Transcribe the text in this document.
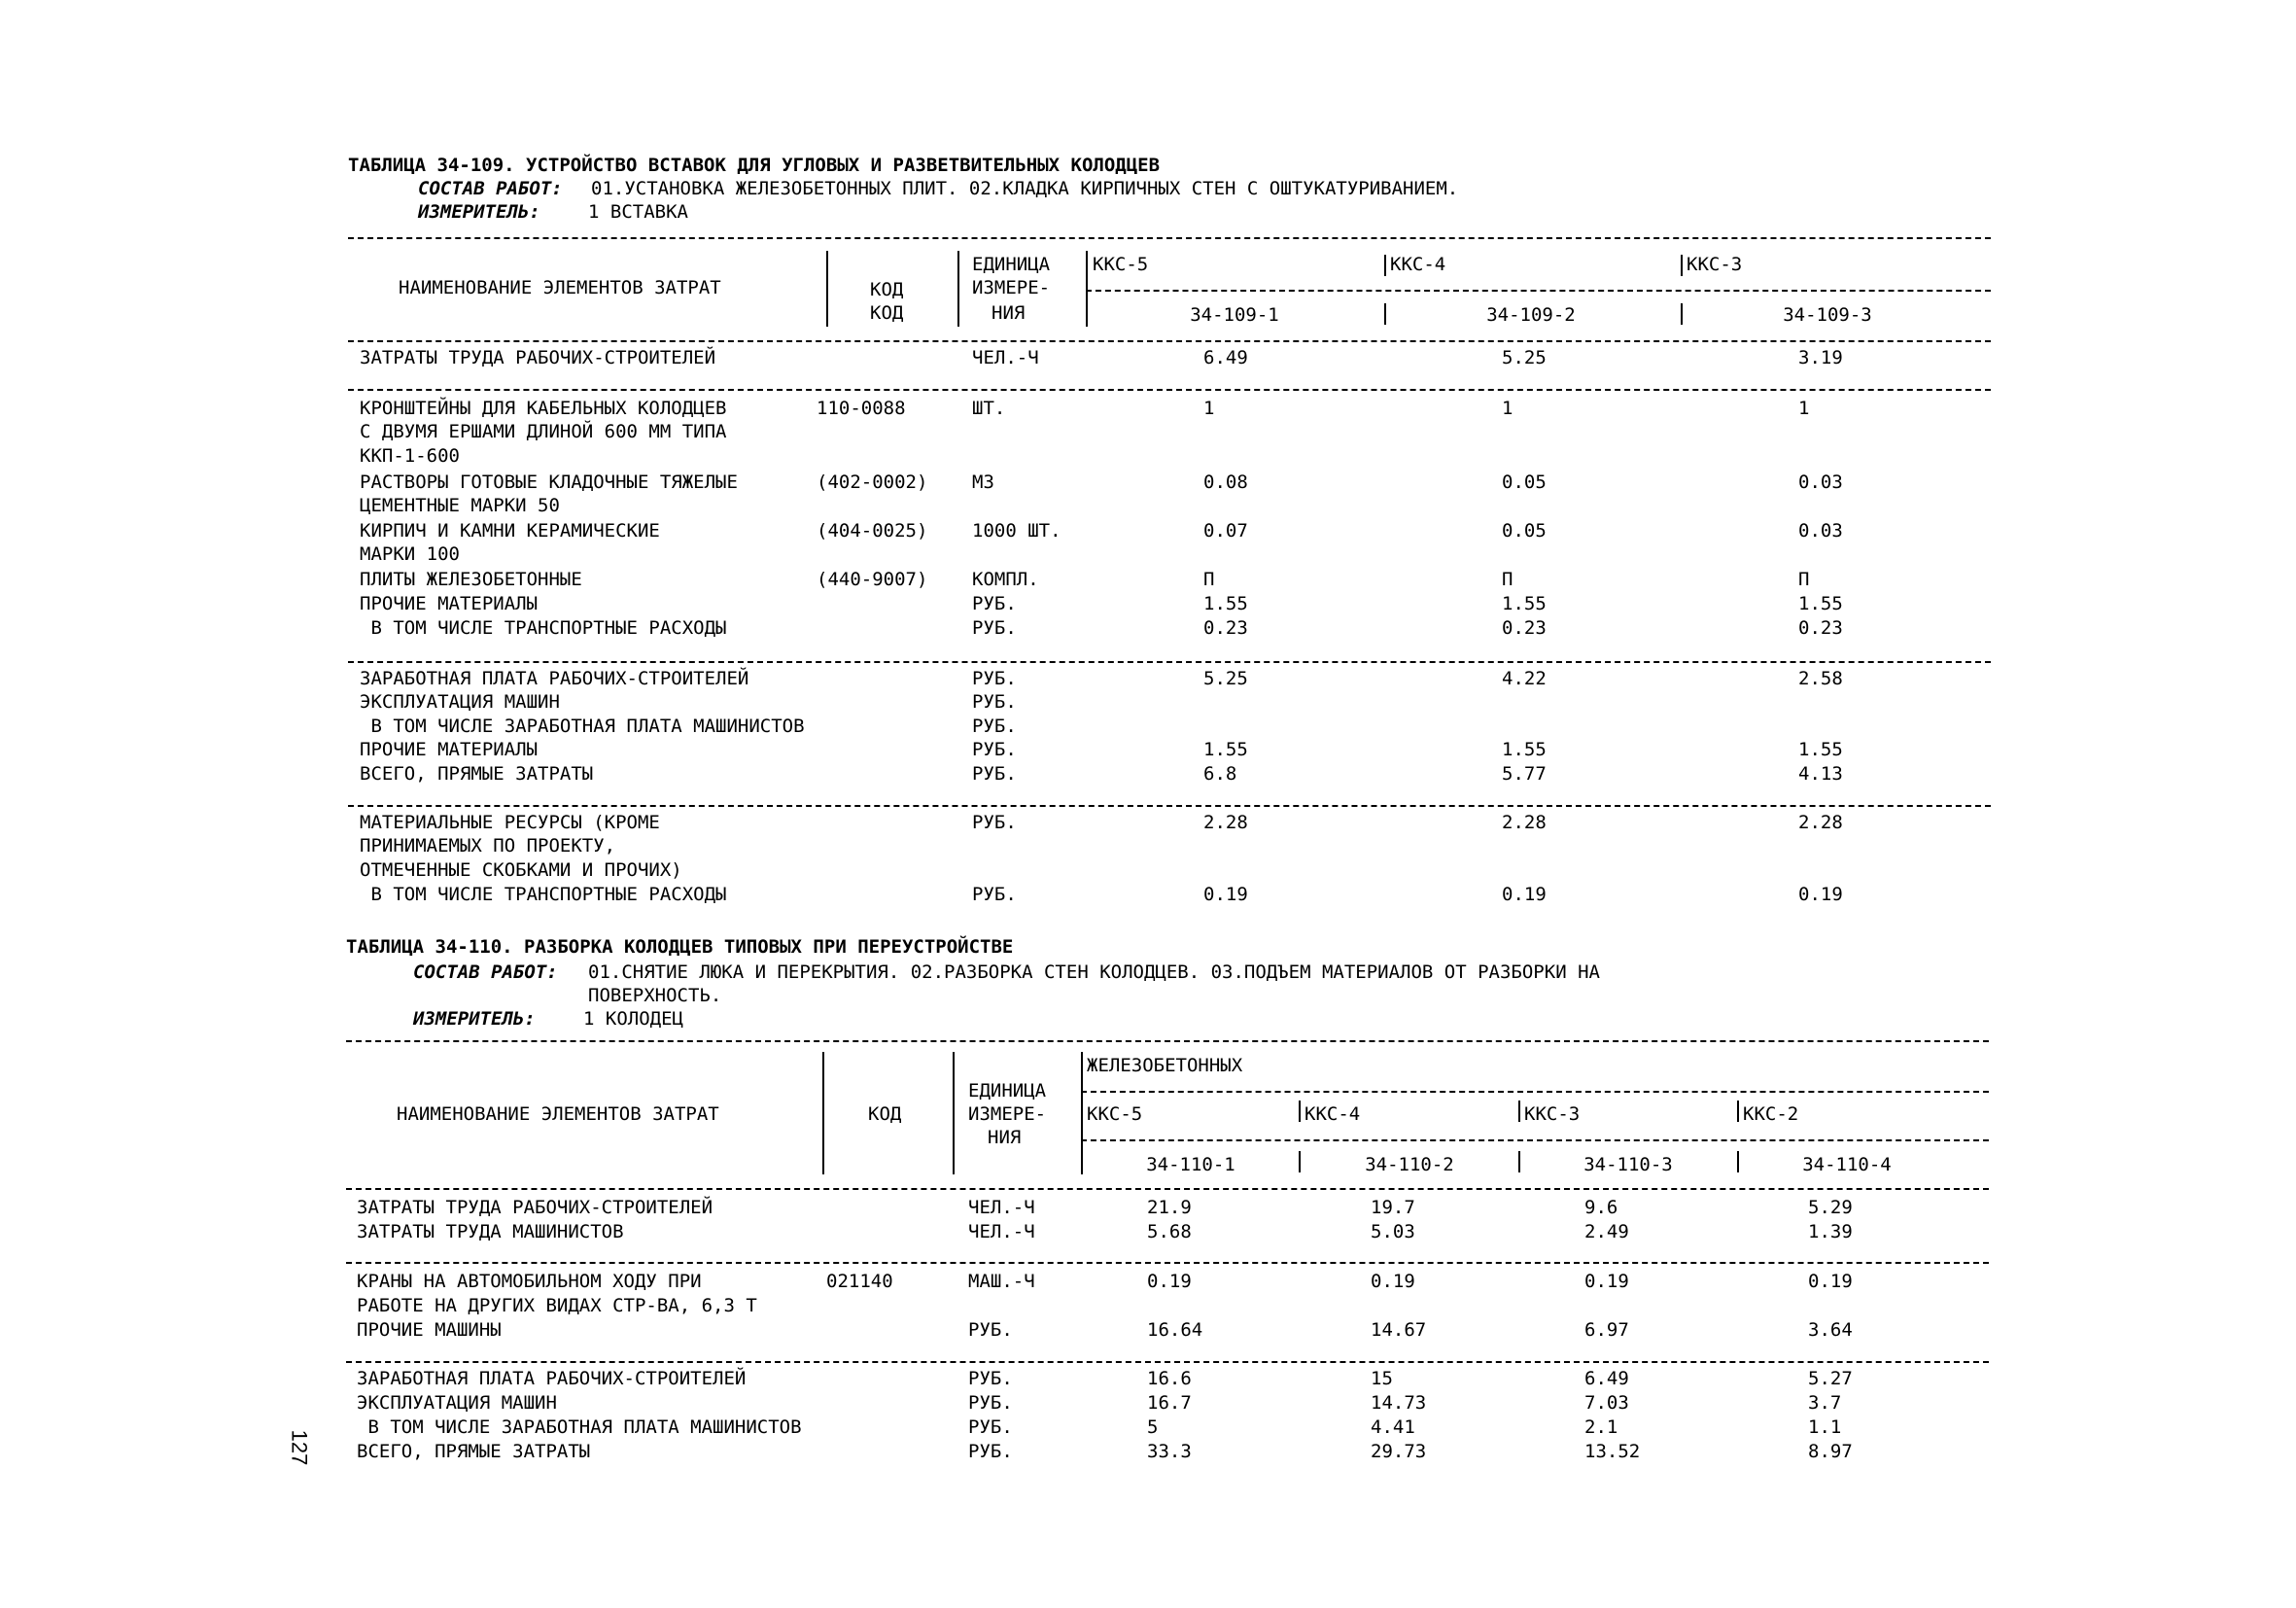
ТАБЛИЦА 34-109. УСТРОЙСТВО ВСТАВОК ДЛЯ УГЛОВЫХ И РАЗВЕТВИТЕЛЬНЫХ КОЛОДЦЕВ
СОСТАВ РАБОТ: 01.УСТАНОВКА ЖЕЛЕЗОБЕТОННЫХ ПЛИТ. 02.КЛАДКА КИРПИЧНЫХ СТЕН С ОШТУКАТУРИВАНИЕМ.
ИЗМЕРИТЕЛЬ:	1 ВСТАВКА
НАИМЕНОВАНИЕ ЭЛЕМЕНТОВ ЗАТРАТ	КОД
КОД
ЕДИНИЦА
ИЗМЕРЕ-
НИЯ
ККС-5	ККС-4	ККС-3
34-109-1	34-109-2	34-109-3
ЗАТРАТЫ ТРУДА РАБОЧИХ-СТРОИТЕЛЕЙ	ЧЕЛ.-Ч	6.49	5.25	3.19
КРОНШТЕЙНЫ ДЛЯ КАБЕЛЬНЫХ КОЛОДЦЕВ	110-0088	ШТ.	1	1	1
С ДВУМЯ ЕРШАМИ ДЛИНОЙ 600 ММ ТИПА
ККП-1-600
РАСТВОРЫ ГОТОВЫЕ КЛАДОЧНЫЕ ТЯЖЕЛЫЕ	(402-0002)	М3	0.08	0.05	0.03
ЦЕМЕНТНЫЕ МАРКИ 50
КИРПИЧ И КАМНИ КЕРАМИЧЕСКИЕ	(404-0025)	1000 ШТ.	0.07	0.05	0.03
МАРКИ 100
ПЛИТЫ ЖЕЛЕЗОБЕТОННЫЕ	(440-9007)	КОМПЛ.	П	П	П
ПРОЧИЕ МАТЕРИАЛЫ	РУБ.	1.55	1.55	1.55
В ТОМ ЧИСЛЕ ТРАНСПОРТНЫЕ РАСХОДЫ	РУБ.	0.23	0.23	0.23
ЗАРАБОТНАЯ ПЛАТА РАБОЧИХ-СТРОИТЕЛЕЙ	РУБ.	5.25	4.22	2.58
ЭКСПЛУАТАЦИЯ МАШИН	РУБ.
В ТОМ ЧИСЛЕ ЗАРАБОТНАЯ ПЛАТА МАШИНИСТОВ	РУБ.
ПРОЧИЕ МАТЕРИАЛЫ	РУБ.	1.55	1.55	1.55
ВСЕГО, ПРЯМЫЕ ЗАТРАТЫ	РУБ.	6.8	5.77	4.13
МАТЕРИАЛЬНЫЕ РЕСУРСЫ (КРОМЕ	РУБ.	2.28	2.28	2.28
ПРИНИМАЕМЫХ ПО ПРОЕКТУ,
ОТМЕЧЕННЫЕ СКОБКАМИ И ПРОЧИХ)
В ТОМ ЧИСЛЕ ТРАНСПОРТНЫЕ РАСХОДЫ	РУБ.	0.19	0.19	0.19
ТАБЛИЦА 34-110. РАЗБОРКА КОЛОДЦЕВ ТИПОВЫХ ПРИ ПЕРЕУСТРОЙСТВЕ
СОСТАВ РАБОТ: 01.СНЯТИЕ ЛЮКА И ПЕРЕКРЫТИЯ. 02.РАЗБОРКА СТЕН КОЛОДЦЕВ. 03.ПОДЪЕМ МАТЕРИАЛОВ ОТ РАЗБОРКИ НА
ПОВЕРХНОСТЬ.
ИЗМЕРИТЕЛЬ:	1 КОЛОДЕЦ
НАИМЕНОВАНИЕ ЭЛЕМЕНТОВ ЗАТРАТ	КОД
ЕДИНИЦА
ИЗМЕРЕ-
НИЯ
ЖЕЛЕЗОБЕТОННЫХ
ККС-5	ККС-4	ККС-3	ККС-2
34-110-1	34-110-2	34-110-3	34-110-4
ЗАТРАТЫ ТРУДА РАБОЧИХ-СТРОИТЕЛЕЙ	ЧЕЛ.-Ч	21.9	19.7	9.6	5.29
ЗАТРАТЫ ТРУДА МАШИНИСТОВ	ЧЕЛ.-Ч	5.68	5.03	2.49	1.39
КРАНЫ НА АВТОМОБИЛЬНОМ ХОДУ ПРИ	021140	МАШ.-Ч	0.19	0.19	0.19	0.19
РАБОТЕ НА ДРУГИХ ВИДАХ СТР-ВА, 6,3 Т
ПРОЧИЕ МАШИНЫ	РУБ.	16.64	14.67	6.97	3.64
ЗАРАБОТНАЯ ПЛАТА РАБОЧИХ-СТРОИТЕЛЕЙ	РУБ.	16.6	15	6.49	5.27
ЭКСПЛУАТАЦИЯ МАШИН	РУБ.	16.7	14.73	7.03	3.7
В ТОМ ЧИСЛЕ ЗАРАБОТНАЯ ПЛАТА МАШИНИСТОВ	РУБ.	5	4.41	2.1	1.1
ВСЕГО, ПРЯМЫЕ ЗАТРАТЫ	РУБ.	33.3	29.73	13.52	8.97
127
